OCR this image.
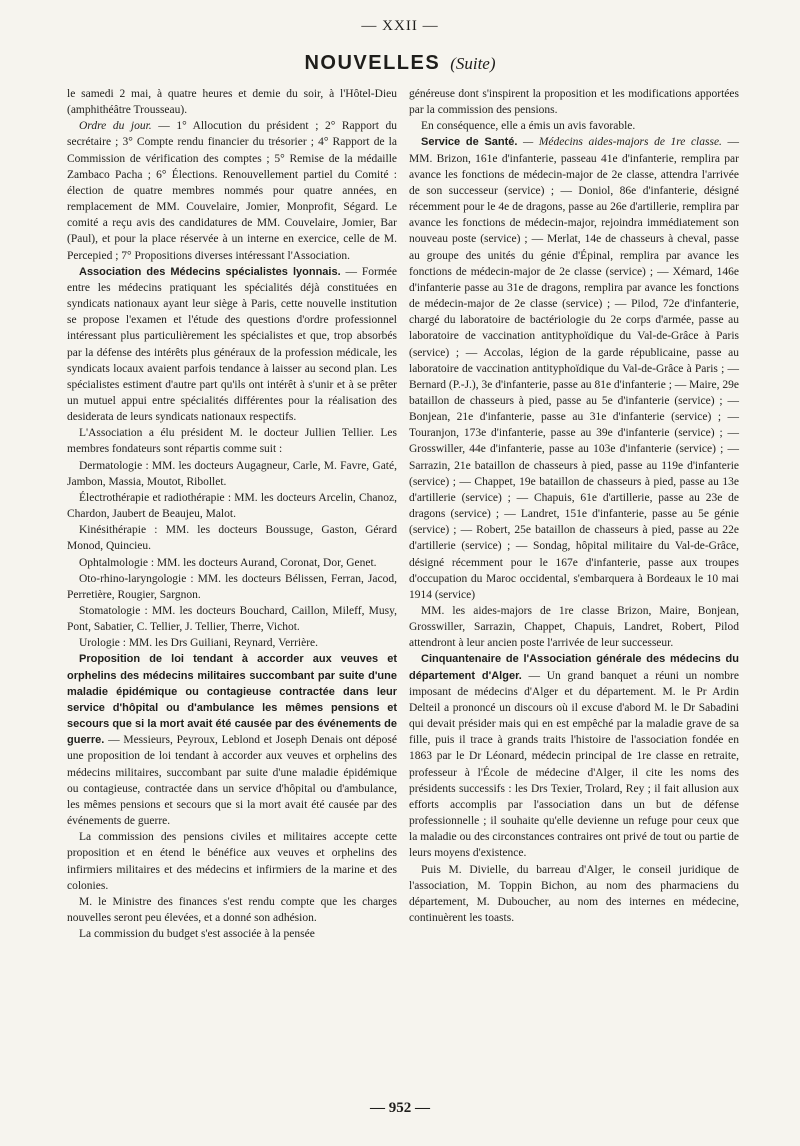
— XXII —
NOUVELLES (Suite)

le samedi 2 mai, à quatre heures et demie du soir, à l'Hôtel-Dieu (amphithéâtre Trousseau).

Ordre du jour. — 1° Allocution du président ; 2° Rapport du secrétaire ; 3° Compte rendu financier du trésorier ; 4° Rapport de la Commission de vérification des comptes ; 5° Remise de la médaille Zambaco Pacha ; 6° Élections. Renouvellement partiel du Comité : élection de quatre membres nommés pour quatre années, en remplacement de MM. Couvelaire, Jomier, Monprofit, Ségard. Le comité a reçu avis des candidatures de MM. Couvelaire, Jomier, Bar (Paul), et pour la place réservée à un interne en exercice, celle de M. Percepied ; 7° Propositions diverses intéressant l'Association.

Association des Médecins spécialistes lyonnais. — Formée entre les médecins pratiquant les spécialités déjà constituées en syndicats nationaux ayant leur siège à Paris, cette nouvelle institution se propose l'examen et l'étude des questions d'ordre professionnel intéressant plus particulièrement les spécialistes et que, trop absorbés par la défense des intérêts plus généraux de la profession médicale, les syndicats locaux avaient parfois tendance à laisser au second plan. Les spécialistes estiment d'autre part qu'ils ont intérêt à s'unir et à se prêter un mutuel appui entre spécialités différentes pour la réalisation des desiderata de leurs syndicats nationaux respectifs.

L'Association a élu président M. le docteur Jullien Tellier. Les membres fondateurs sont répartis comme suit :

Dermatologie : MM. les docteurs Augagneur, Carle, M. Favre, Gaté, Jambon, Massia, Moutot, Ribollet.

Électrothérapie et radiothérapie : MM. les docteurs Arcelin, Chanoz, Chardon, Jaubert de Beaujeu, Malot.

Kinésithérapie : MM. les docteurs Boussuge, Gaston, Gérard Monod, Quincieu.

Ophtalmologie : MM. les docteurs Aurand, Coronat, Dor, Genet.

Oto-rhino-laryngologie : MM. les docteurs Bélissen, Ferran, Jacod, Perretière, Rougier, Sargnon.

Stomatologie : MM. les docteurs Bouchard, Caillon, Mileff, Musy, Pont, Sabatier, C. Tellier, J. Tellier, Therre, Vichot.

Urologie : MM. les Drs Guiliani, Reynard, Verrière.

Proposition de loi tendant à accorder aux veuves et orphelins des médecins militaires succombant par suite d'une maladie épidémique ou contagieuse contractée dans leur service d'hôpital ou d'ambulance les mêmes pensions et secours que si la mort avait été causée par des événements de guerre. — Messieurs, Peyroux, Leblond et Joseph Denais ont déposé une proposition de loi tendant à accorder aux veuves et orphelins des médecins militaires, succombant par suite d'une maladie épidémique ou contagieuse, contractée dans un service d'hôpital ou d'ambulance, les mêmes pensions et secours que si la mort avait été causée par des événements de guerre.

La commission des pensions civiles et militaires accepte cette proposition et en étend le bénéfice aux veuves et orphelins des infirmiers militaires et des médecins et infirmiers de la marine et des colonies.

M. le Ministre des finances s'est rendu compte que les charges nouvelles seront peu élevées, et a donné son adhésion.

La commission du budget s'est associée à la pensée

généreuse dont s'inspirent la proposition et les modifications apportées par la commission des pensions.

En conséquence, elle a émis un avis favorable.

Service de Santé. — Médecins aides-majors de 1re classe. — MM. Brizon, 161e d'infanterie, passeau 41e d'infanterie, remplira par avance les fonctions de médecin-major de 2e classe, attendra l'arrivée de son successeur (service) ; — Doniol, 86e d'infanterie, désigné récemment pour le 4e de dragons, passe au 26e d'artillerie, remplira par avance les fonctions de médecin-major, rejoindra immédiatement son nouveau poste (service) ; — Merlat, 14e de chasseurs à cheval, passe au groupe des unités du génie d'Épinal, remplira par avance les fonctions de médecin-major de 2e classe (service) ; — Xémard, 146e d'infanterie passe au 31e de dragons, remplira par avance les fonctions de médecin-major de 2e classe (service) ; — Pilod, 72e d'infanterie, chargé du laboratoire de bactériologie du 2e corps d'armée, passe au laboratoire de vaccination antityphoïdique du Val-de-Grâce à Paris (service) ; — Accolas, légion de la garde républicaine, passe au laboratoire de vaccination antityphoïdique du Val-de-Grâce à Paris ; — Bernard (P.-J.), 3e d'infanterie, passe au 81e d'infanterie ; — Maire, 29e bataillon de chasseurs à pied, passe au 5e d'infanterie (service) ; — Bonjean, 21e d'infanterie, passe au 31e d'infanterie (service) ; — Touranjon, 173e d'infanterie, passe au 39e d'infanterie (service) ; — Grosswiller, 44e d'infanterie, passe au 103e d'infanterie (service) ; — Sarrazin, 21e bataillon de chasseurs à pied, passe au 119e d'infanterie (service) ; — Chappet, 19e bataillon de chasseurs à pied, passe au 13e d'artillerie (service) ; — Chapuis, 61e d'artillerie, passe au 23e de dragons (service) ; — Landret, 151e d'infanterie, passe au 5e génie (service) ; — Robert, 25e bataillon de chasseurs à pied, passe au 22e d'artillerie (service) ; — Sondag, hôpital militaire du Val-de-Grâce, désigné récemment pour le 167e d'infanterie, passe aux troupes d'occupation du Maroc occidental, s'embarquera à Bordeaux le 10 mai 1914 (service)

MM. les aides-majors de 1re classe Brizon, Maire, Bonjean, Grosswiller, Sarrazin, Chappet, Chapuis, Landret, Robert, Pilod attendront à leur ancien poste l'arrivée de leur successeur.

Cinquantenaire de l'Association générale des médecins du département d'Alger. — Un grand banquet a réuni un nombre imposant de médecins d'Alger et du département. M. le Pr Ardin Delteil a prononcé un discours où il excuse d'abord M. le Dr Sabadini qui devait présider mais qui en est empêché par la maladie grave de sa fille, puis il trace à grands traits l'histoire de l'association fondée en 1863 par le Dr Léonard, médecin principal de 1re classe en retraite, professeur à l'École de médecine d'Alger, il cite les noms des présidents successifs : les Drs Texier, Trolard, Rey ; il fait allusion aux efforts accomplis par l'association dans un but de défense professionnelle ; il souhaite qu'elle devienne un refuge pour ceux que la maladie ou des circonstances contraires ont privé de tout ou partie de leurs moyens d'existence.

Puis M. Divielle, du barreau d'Alger, le conseil juridique de l'association, M. Toppin Bichon, au nom des pharmaciens du département, M. Duboucher, au nom des internes en médecine, continuèrent les toasts.

— 952 —
